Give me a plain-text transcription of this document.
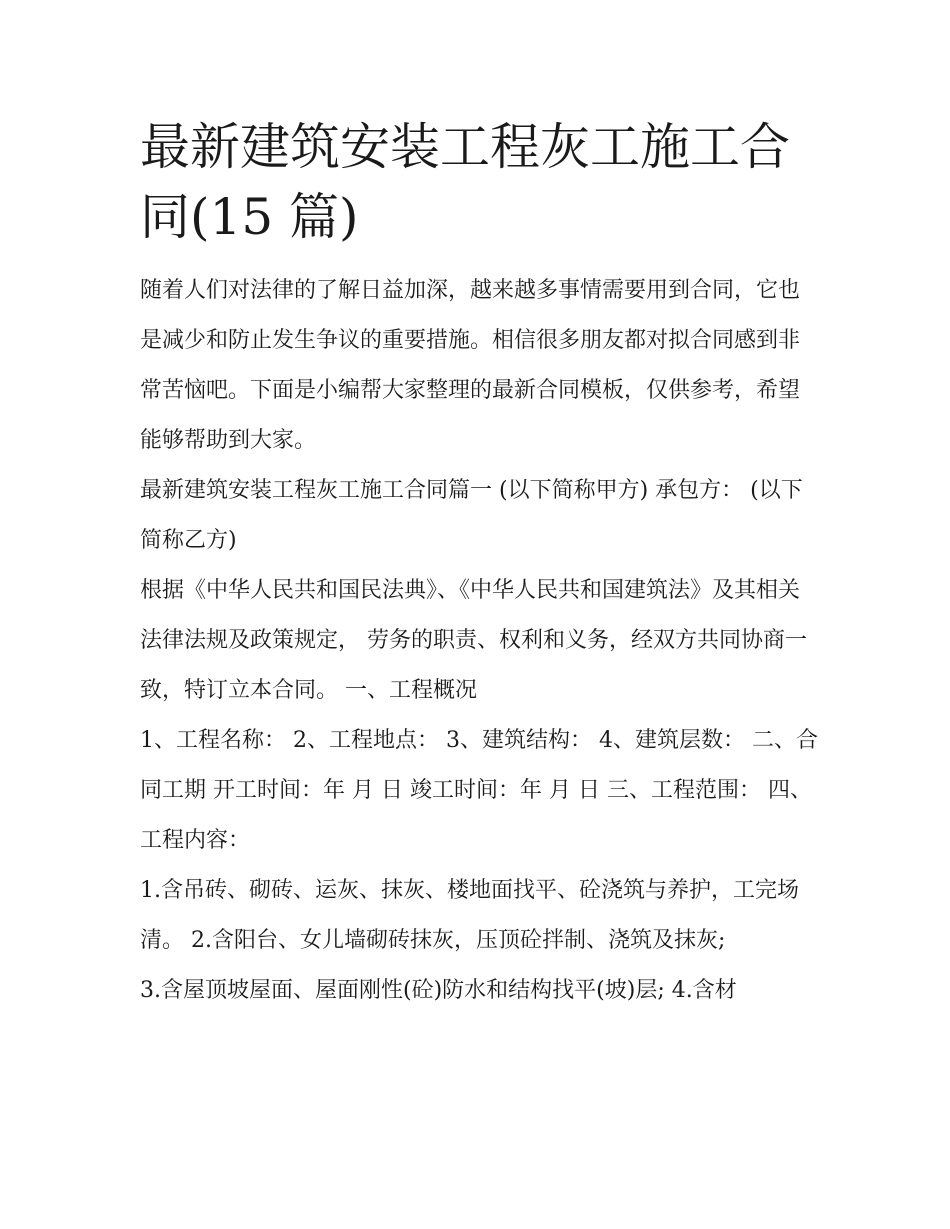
最新建筑安装工程灰工施工合同(15 篇)

随着人们对法律的了解日益加深，越来越多事情需要用到合同，它也是减少和防止发生争议的重要措施。相信很多朋友都对拟合同感到非常苦恼吧。下面是小编帮大家整理的最新合同模板，仅供参考，希望能够帮助到大家。

最新建筑安装工程灰工施工合同篇一 (以下简称甲方) 承包方： (以下简称乙方)

根据《中华人民共和国民法典》、《中华人民共和国建筑法》及其相关法律法规及政策规定， 劳务的职责、权利和义务，经双方共同协商一致，特订立本合同。 一、工程概况

1、工程名称： 2、工程地点： 3、建筑结构： 4、建筑层数： 二、合同工期 开工时间：年 月 日 竣工时间：年 月 日 三、工程范围： 四、工程内容：

1.含吊砖、砌砖、运灰、抹灰、楼地面找平、砼浇筑与养护，工完场清。 2.含阳台、女儿墙砌砖抹灰，压顶砼拌制、浇筑及抹灰;

3.含屋顶坡屋面、屋面刚性(砼)防水和结构找平(坡)层; 4.含材
